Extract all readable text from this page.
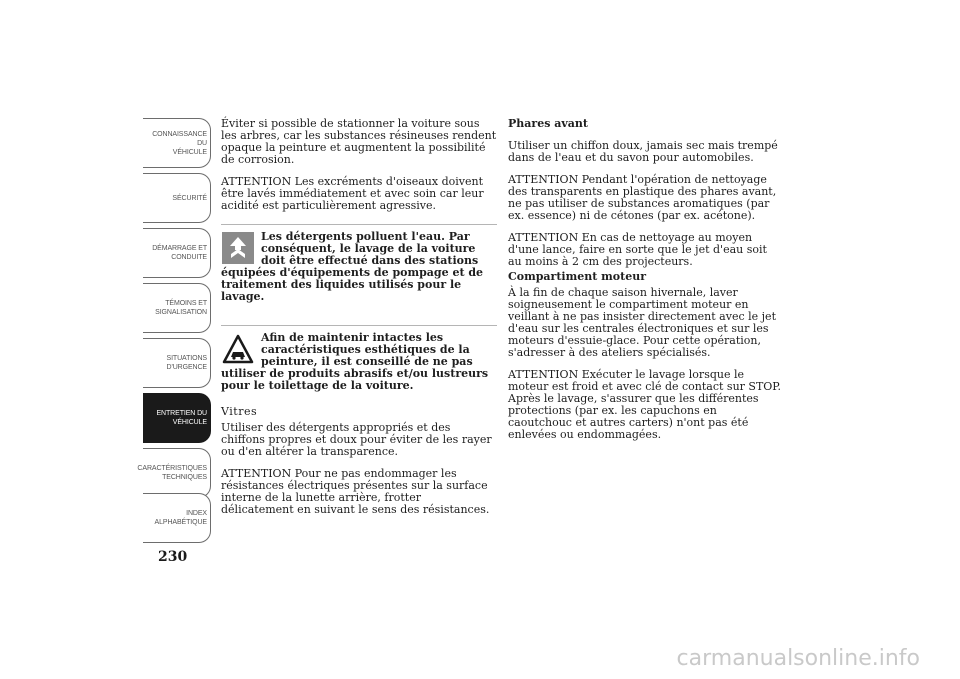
CONNAISSANCE DU
VÉHICULE
SÉCURITÉ
DÉMARRAGE ET
CONDUITE
TÉMOINS ET
SIGNALISATION
SITUATIONS
D'URGENCE
ENTRETIEN DU
VÉHICULE
CARACTÉRISTIQUES
TECHNIQUES
INDEX
ALPHABÉTIQUE
230

Éviter si possible de stationner la voiture sous les arbres, car les substances résineuses rendent opaque la peinture et augmentent la possibilité de corrosion.

ATTENTION Les excréments d'oiseaux doivent être lavés immédiatement et avec soin car leur acidité est particulièrement agressive.

Les détergents polluent l'eau. Par conséquent, le lavage de la voiture doit être effectué dans des stations équipées d'équipements de pompage et de traitement des liquides utilisés pour le lavage.
Afin de maintenir intactes les caractéristiques esthétiques de la peinture, il est conseillé de ne pas utiliser de produits abrasifs et/ou lustreurs pour le toilettage de la voiture.
Vitres

Utiliser des détergents appropriés et des chiffons propres et doux pour éviter de les rayer ou d'en altérer la transparence.

ATTENTION Pour ne pas endommager les résistances électriques présentes sur la surface interne de la lunette arrière, frotter délicatement en suivant le sens des résistances.

Phares avant

Utiliser un chiffon doux, jamais sec mais trempé dans de l'eau et du savon pour automobiles.

ATTENTION Pendant l'opération de nettoyage des transparents en plastique des phares avant, ne pas utiliser de substances aromatiques (par ex. essence) ni de cétones (par ex. acétone).

ATTENTION En cas de nettoyage au moyen d'une lance, faire en sorte que le jet d'eau soit au moins à 2 cm des projecteurs.

Compartiment moteur

À la fin de chaque saison hivernale, laver soigneusement le compartiment moteur en veillant à ne pas insister directement avec le jet d'eau sur les centrales électroniques et sur les moteurs d'essuie-glace. Pour cette opération, s'adresser à des ateliers spécialisés.

ATTENTION Exécuter le lavage lorsque le moteur est froid et avec clé de contact sur STOP. Après le lavage, s'assurer que les différentes protections (par ex. les capuchons en caoutchouc et autres carters) n'ont pas été enlevées ou endommagées.

carmanualsonline.info
